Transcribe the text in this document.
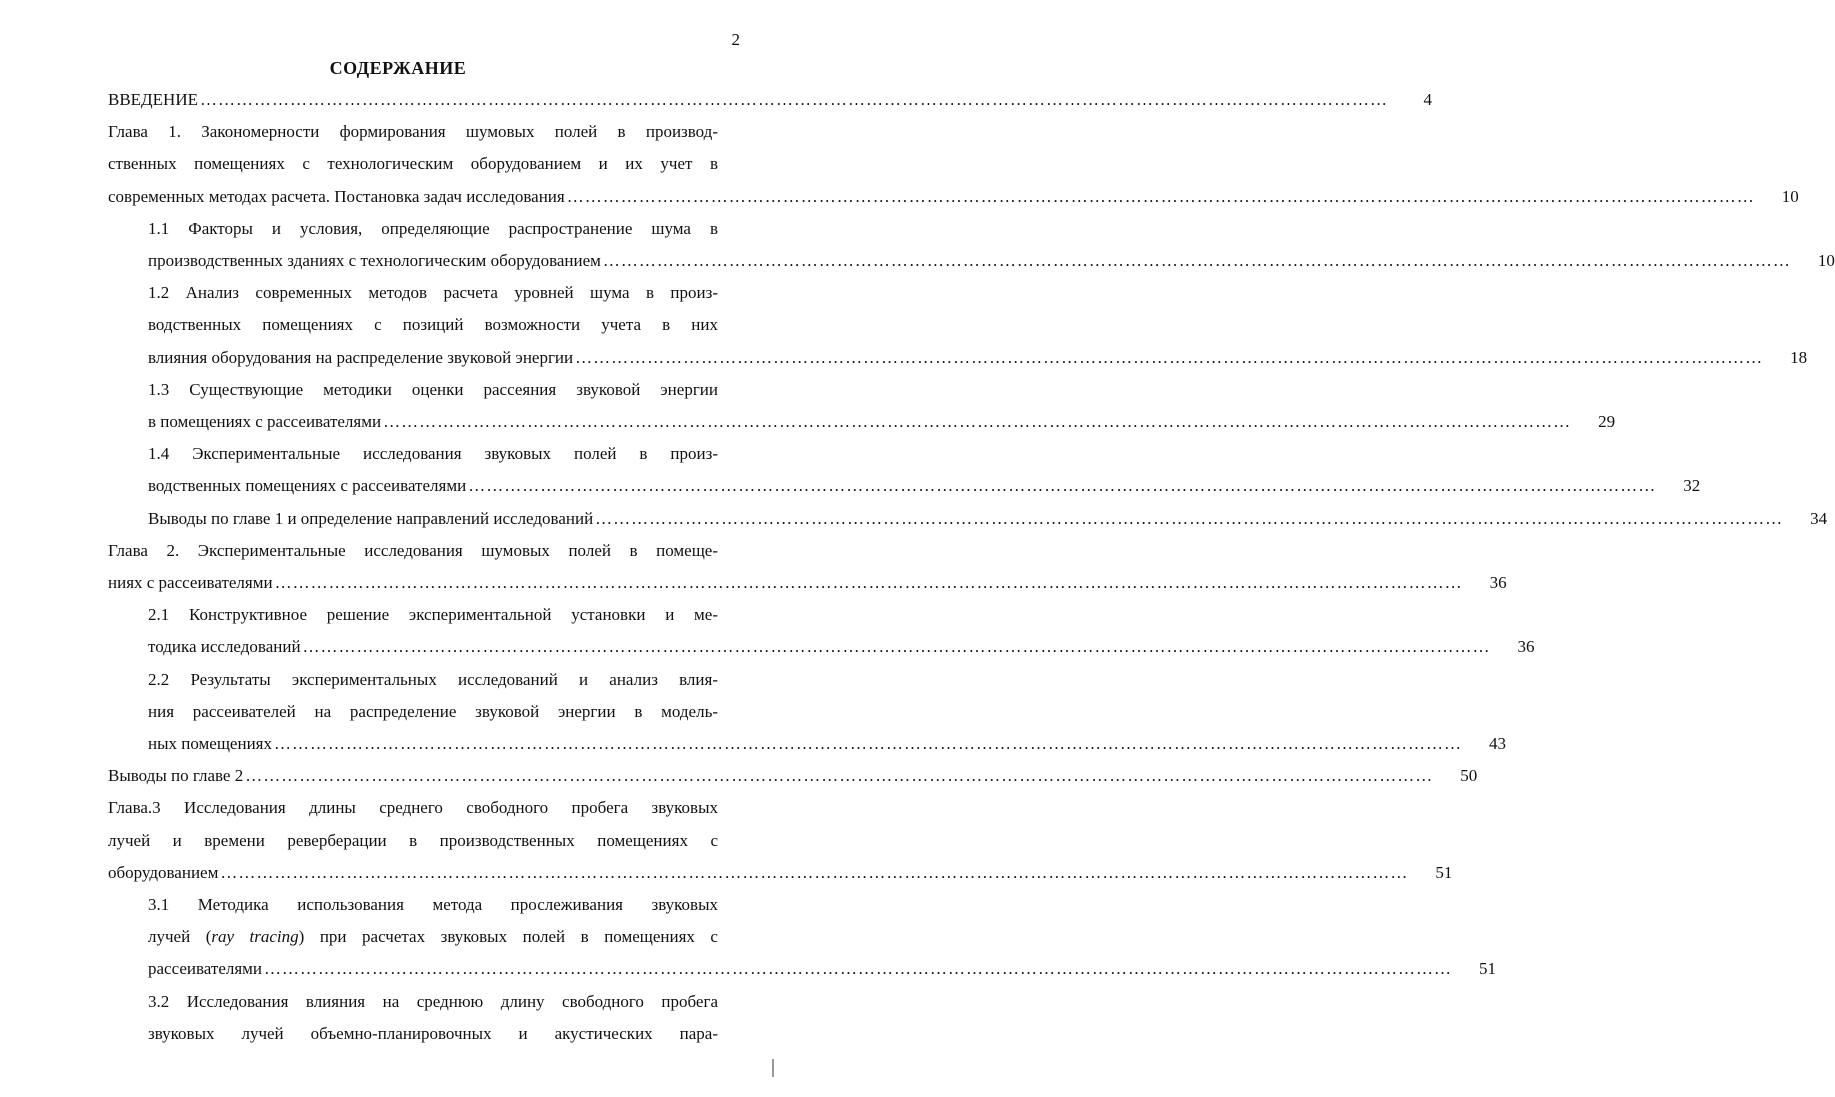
2
СОДЕРЖАНИЕ
ВВЕДЕНИЕ ………………………………………………………………………………………………………………………………………………………………………………	4
Глава 1. Закономерности формирования шумовых полей в производ-
ственных помещениях с технологическим оборудованием и их учет в
современных методах расчета. Постановка задач исследования ………………………………………………………………………………………………………………………………………………………………………………	10
1.1 Факторы и условия, определяющие распространение шума в
производственных зданиях с технологическим оборудованием ………………………………………………………………………………………………………………………………………………………………………………	10
1.2 Анализ современных методов расчета уровней шума в произ-
водственных помещениях с позиций возможности учета в них
влияния оборудования на распределение звуковой энергии ………………………………………………………………………………………………………………………………………………………………………………	18
1.3 Существующие методики оценки рассеяния звуковой энергии
в помещениях с рассеивателями ………………………………………………………………………………………………………………………………………………………………………………	29
1.4 Экспериментальные исследования звуковых полей в произ-
водственных помещениях с рассеивателями ………………………………………………………………………………………………………………………………………………………………………………	32
Выводы по главе 1 и определение направлений исследований ………………………………………………………………………………………………………………………………………………………………………………	34
Глава 2. Экспериментальные исследования шумовых полей в помеще-
ниях с рассеивателями ………………………………………………………………………………………………………………………………………………………………………………	36
2.1 Конструктивное решение экспериментальной установки и ме-
тодика исследований ………………………………………………………………………………………………………………………………………………………………………………	36
2.2 Результаты экспериментальных исследований и анализ влия-
ния рассеивателей на распределение звуковой энергии в модель-
ных помещениях ………………………………………………………………………………………………………………………………………………………………………………	43
Выводы по главе 2 ………………………………………………………………………………………………………………………………………………………………………………	50
Глава.3 Исследования длины среднего свободного пробега звуковых
лучей и времени реверберации в производственных помещениях с
оборудованием ………………………………………………………………………………………………………………………………………………………………………………	51
3.1 Методика использования метода прослеживания звуковых
лучей (ray tracing) при расчетах звуковых полей в помещениях с
рассеивателями ………………………………………………………………………………………………………………………………………………………………………………	51
3.2 Исследования влияния на среднюю длину свободного пробега
звуковых лучей объемно-планировочных и акустических пара-
